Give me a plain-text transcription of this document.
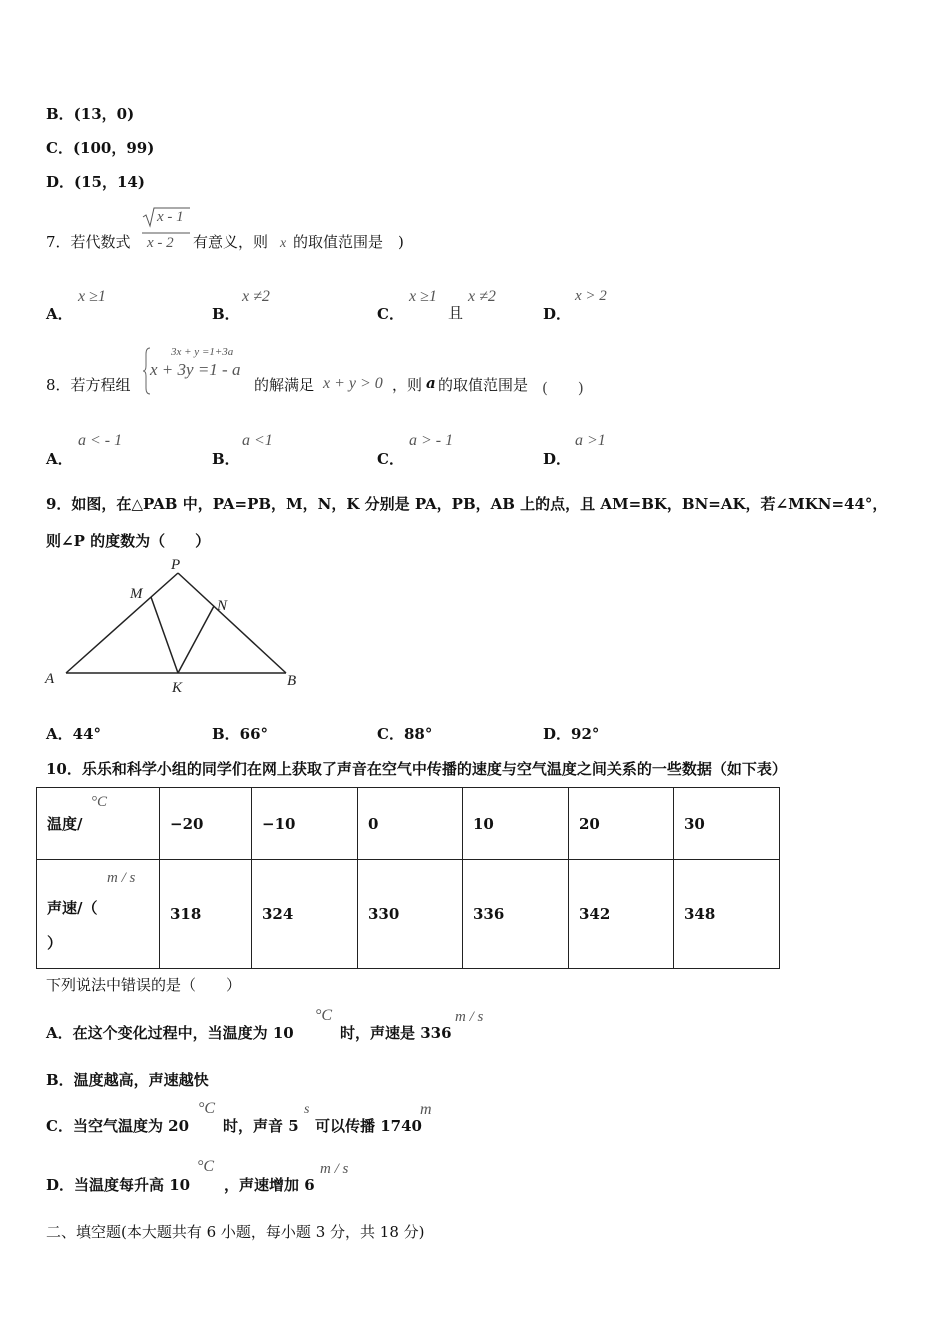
B．(13，0)
C．(100，99)
D．(15，14)
7．若代数式
x - 1
x - 2 有意义，则 x 的取值范围是　)
A．
x ≥1
B．
x ≠2
C．
x ≥1
且
x ≠2
D．
x > 2
8．若方程组
3x + y =1+3a
x + 3y =1 - a
的解满足 x + y > 0 ，则 a 的取值范围是 (　　)
A．
a < - 1
B．
a <1
C．
a > - 1
D．
a >1
9．如图，在△PAB 中，PA=PB，M，N，K 分别是 PA，PB，AB 上的点，且 AM=BK，BN=AK，若∠MKN=44°，
则∠P 的度数为（　　）
P
M
N
A
K	B
A．44°	B．66°	C．88°	D．92°
10．乐乐和科学小组的同学们在网上获取了声音在空气中传播的速度与空气温度之间关系的一些数据（如下表）
温度/
°C	−20	−10	0	10	20	30

声速/（
m / s
）	318	324	330	336	342	348
下列说法中错误的是（　　）
A．在这个变化过程中，当温度为 10
°C
时，声速是 336
m / s
B．温度越高，声速越快
C．当空气温度为 20
°C
时，声音 5
s
可以传播 1740
m
D．当温度每升高 10
°C
，声速增加 6
m / s
二、填空题(本大题共有 6 小题，每小题 3 分，共 18 分)
